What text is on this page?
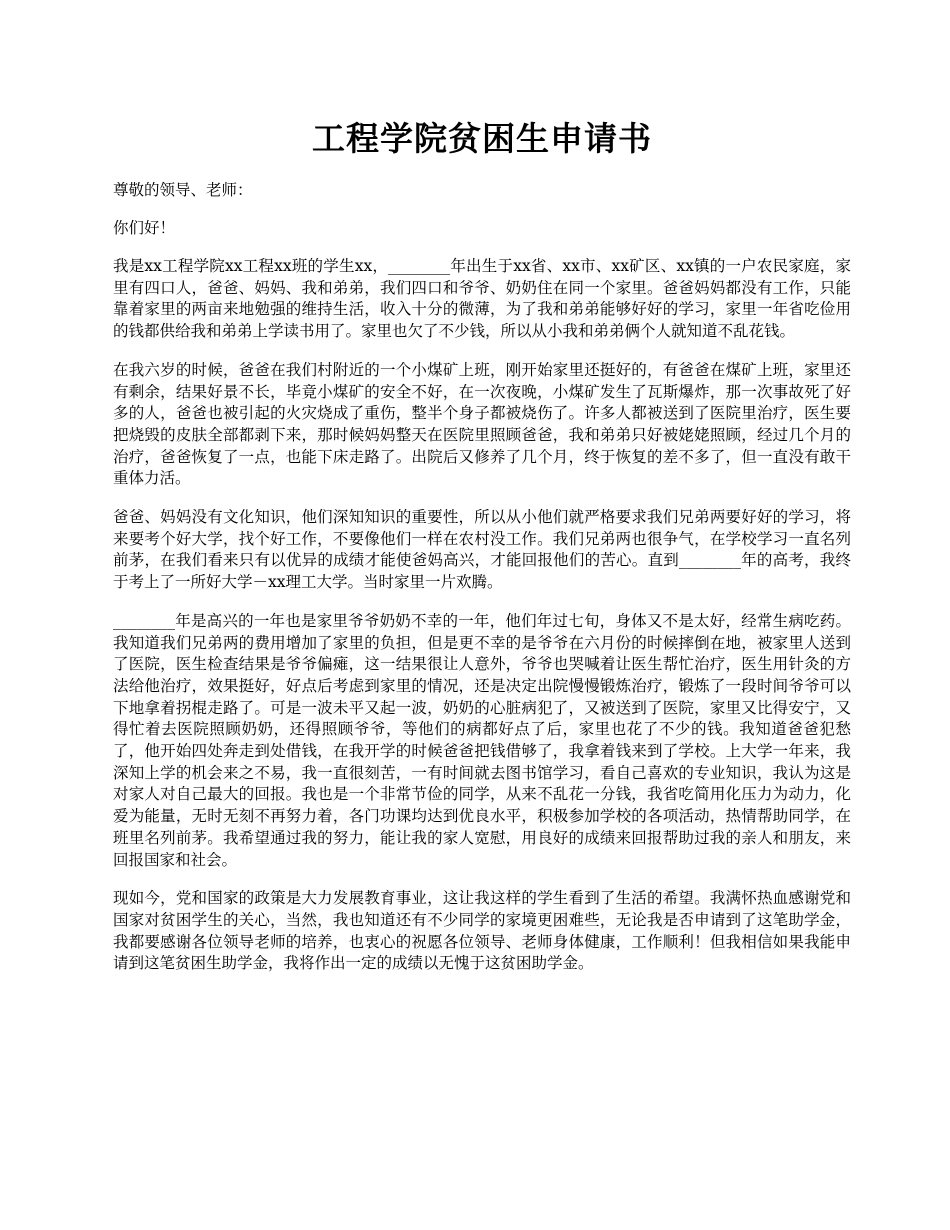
工程学院贫困生申请书

尊敬的领导、老师：

你们好！

我是xx工程学院xx工程xx班的学生xx，________年出生于xx省、xx市、xx矿区、xx镇的一户农民家庭，家里有四口人，爸爸、妈妈、我和弟弟，我们四口和爷爷、奶奶住在同一个家里。爸爸妈妈都没有工作，只能靠着家里的两亩来地勉强的维持生活，收入十分的微薄，为了我和弟弟能够好好的学习，家里一年省吃俭用的钱都供给我和弟弟上学读书用了。家里也欠了不少钱，所以从小我和弟弟俩个人就知道不乱花钱。

在我六岁的时候，爸爸在我们村附近的一个小煤矿上班，刚开始家里还挺好的，有爸爸在煤矿上班，家里还有剩余，结果好景不长，毕竟小煤矿的安全不好，在一次夜晚，小煤矿发生了瓦斯爆炸，那一次事故死了好多的人，爸爸也被引起的火灾烧成了重伤，整半个身子都被烧伤了。许多人都被送到了医院里治疗，医生要把烧毁的皮肤全部都剥下来，那时候妈妈整天在医院里照顾爸爸，我和弟弟只好被姥姥照顾，经过几个月的治疗，爸爸恢复了一点，也能下床走路了。出院后又修养了几个月，终于恢复的差不多了，但一直没有敢干重体力活。

爸爸、妈妈没有文化知识，他们深知知识的重要性，所以从小他们就严格要求我们兄弟两要好好的学习，将来要考个好大学，找个好工作，不要像他们一样在农村没工作。我们兄弟两也很争气，在学校学习一直名列前茅，在我们看来只有以优异的成绩才能使爸妈高兴，才能回报他们的苦心。直到________年的高考，我终于考上了一所好大学－xx理工大学。当时家里一片欢腾。

________年是高兴的一年也是家里爷爷奶奶不幸的一年，他们年过七旬，身体又不是太好，经常生病吃药。我知道我们兄弟两的费用增加了家里的负担，但是更不幸的是爷爷在六月份的时候摔倒在地，被家里人送到了医院，医生检查结果是爷爷偏瘫，这一结果很让人意外，爷爷也哭喊着让医生帮忙治疗，医生用针灸的方法给他治疗，效果挺好，好点后考虑到家里的情况，还是决定出院慢慢锻炼治疗，锻炼了一段时间爷爷可以下地拿着拐棍走路了。可是一波未平又起一波，奶奶的心脏病犯了，又被送到了医院，家里又比得安宁，又得忙着去医院照顾奶奶，还得照顾爷爷，等他们的病都好点了后，家里也花了不少的钱。我知道爸爸犯愁了，他开始四处奔走到处借钱，在我开学的时候爸爸把钱借够了，我拿着钱来到了学校。上大学一年来，我深知上学的机会来之不易，我一直很刻苦，一有时间就去图书馆学习，看自己喜欢的专业知识，我认为这是对家人对自己最大的回报。我也是一个非常节俭的同学，从来不乱花一分钱，我省吃简用化压力为动力，化爱为能量，无时无刻不再努力着，各门功课均达到优良水平，积极参加学校的各项活动，热情帮助同学，在班里名列前茅。我希望通过我的努力，能让我的家人宽慰，用良好的成绩来回报帮助过我的亲人和朋友，来回报国家和社会。

现如今，党和国家的政策是大力发展教育事业，这让我这样的学生看到了生活的希望。我满怀热血感谢党和国家对贫困学生的关心，当然，我也知道还有不少同学的家境更困难些，无论我是否申请到了这笔助学金，我都要感谢各位领导老师的培养，也衷心的祝愿各位领导、老师身体健康，工作顺利！但我相信如果我能申请到这笔贫困生助学金，我将作出一定的成绩以无愧于这贫困助学金。
